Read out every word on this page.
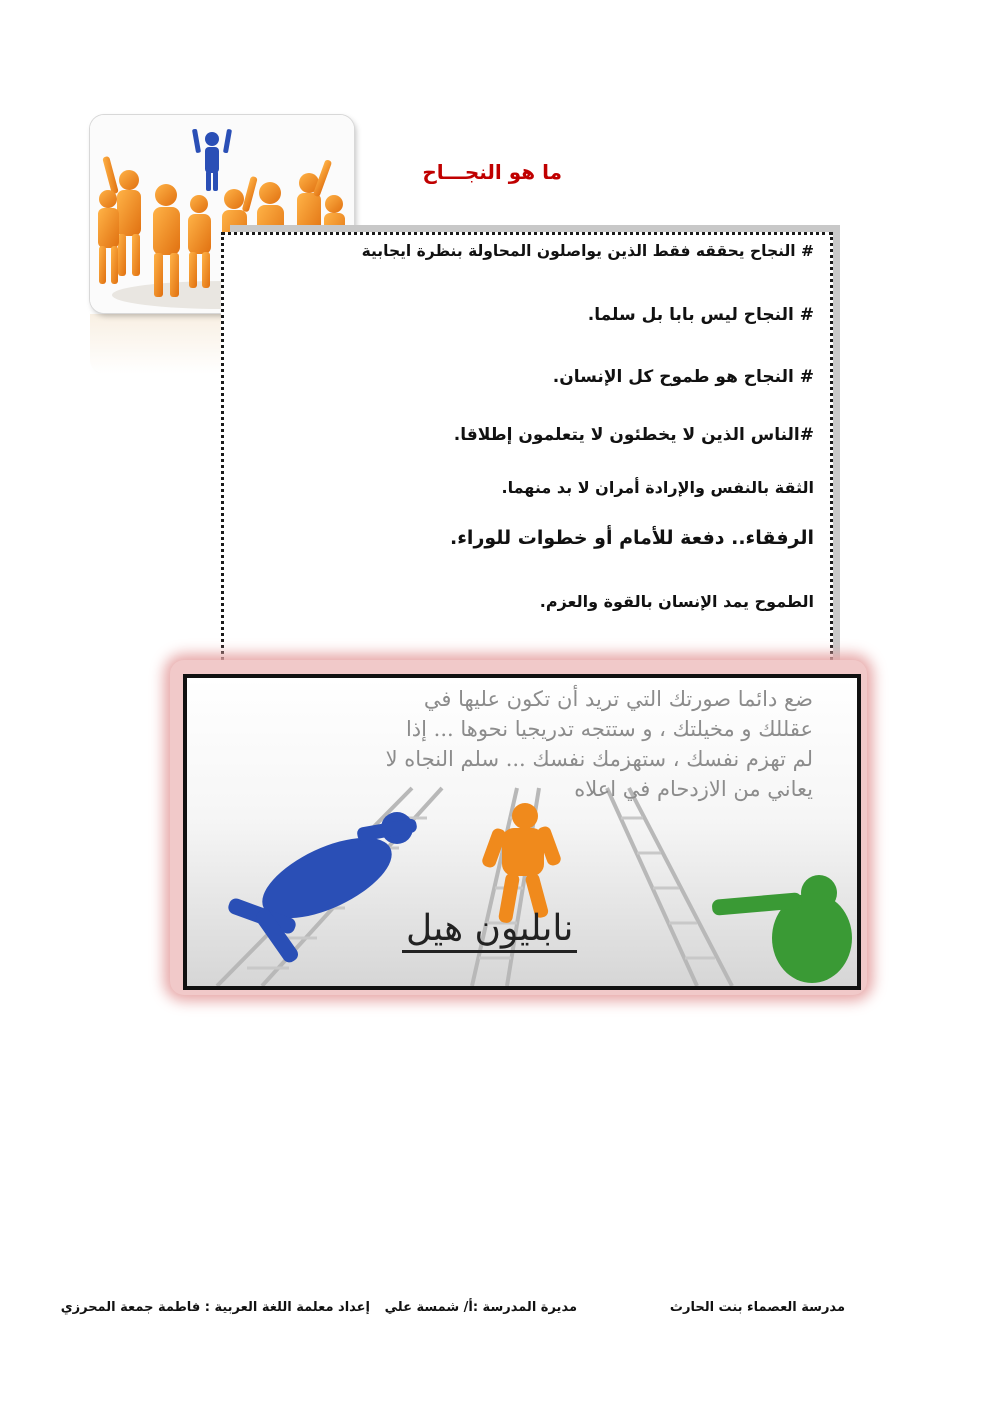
ما هو النجـــاح
# النجاح يحققه فقط الذين يواصلون المحاولة بنظرة ايجابية
# النجاح ليس بابا بل سلما.
# النجاح هو طموح كل الإنسان.
#الناس الذين لا يخطئون لا يتعلمون إطلاقا.
الثقة بالنفس والإرادة أمران لا بد منهما.
الرفقاء.. دفعة للأمام أو خطوات للوراء.
الطموح يمد الإنسان بالقوة والعزم.
ضع دائما صورتك التي تريد أن تكون عليها في
عقللك و مخيلتك ، و ستتجه تدريجيا نحوها ... إذا
لم تهزم نفسك ، ستهزمك نفسك ... سلم النجاه لا
يعاني من الازدحام في اعلاه
نابليون هيل
مدرسة العصماء بنت الحارث
مديرة المدرسة :أ/ شمسة علي
إعداد معلمة اللغة العربية : فاطمة جمعة المحرزي
